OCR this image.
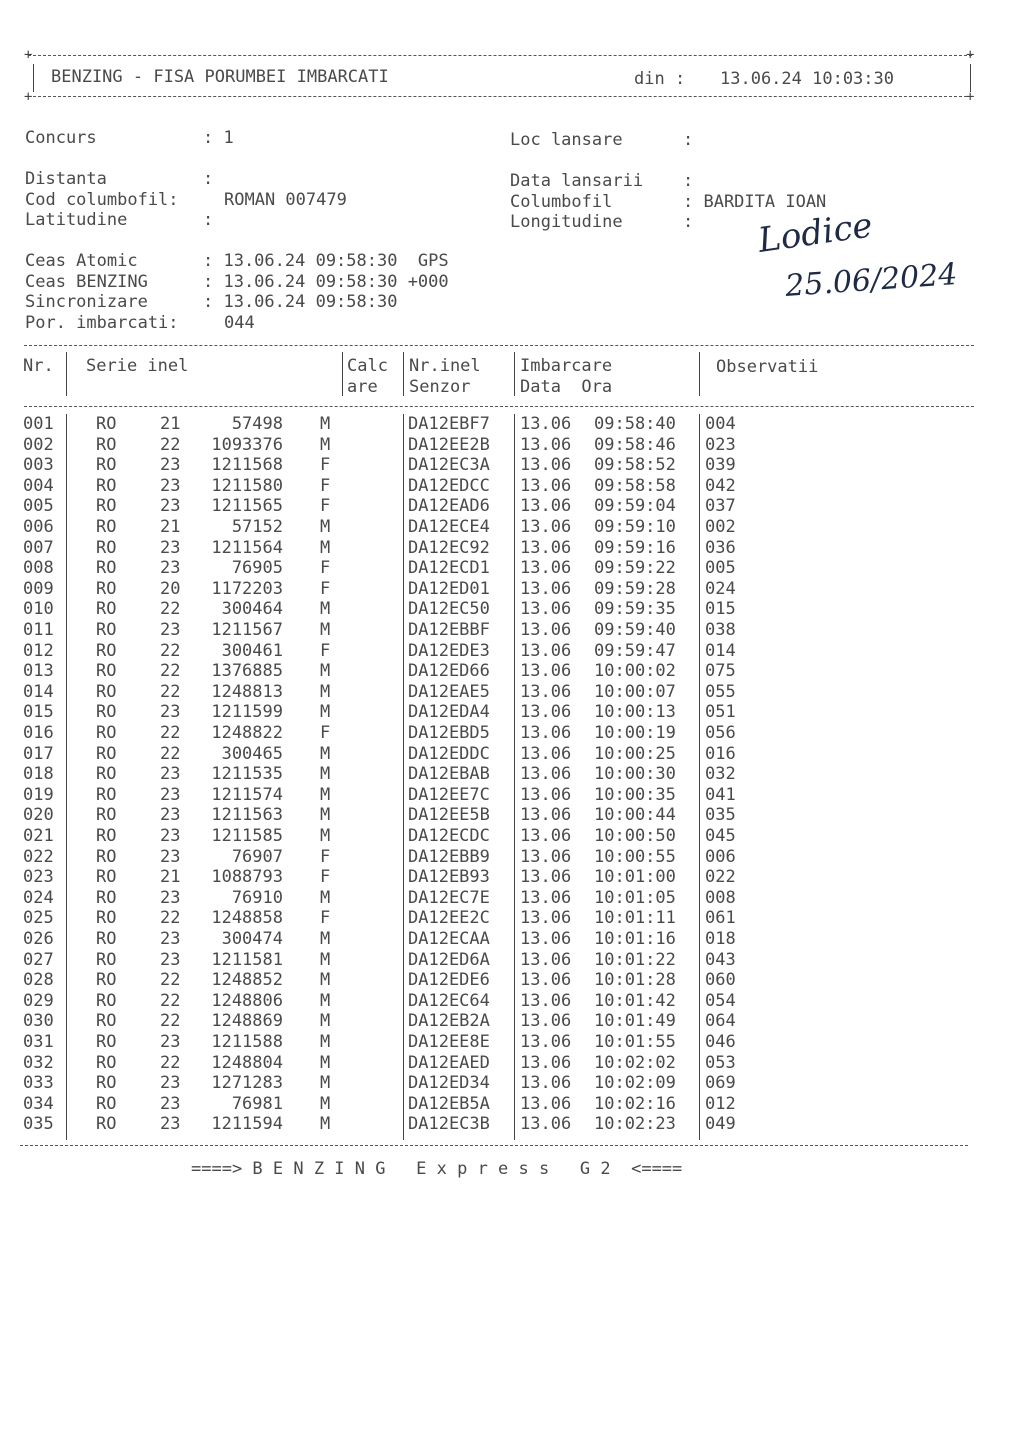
+	+
BENZING - FISA PORUMBEI IMBARCATI	din : 13.06.24 10:03:30
+	+
Concurs	: 1
Distanta	:
Cod columbofil:	ROMAN 007479
Latitudine	:
Loc lansare	:
Data lansarii :
Columbofil	: BARDITA IOAN
Longitudine	:
Ceas Atomic	: 13.06.24 09:58:30  GPS
Ceas BENZING	: 13.06.24 09:58:30 +000
Sincronizare	: 13.06.24 09:58:30
Por. imbarcati:	044
Lodice
25.06/2024
Nr. Serie inel	Calc
are
Nr.inel
Senzor
Imbarcare
Data  Ora
Observatii
001 RO	21	57498 M	DA12EBF7 13.06 09:58:40 004
002 RO	22 1093376 M	DA12EE2B 13.06 09:58:46 023
003 RO	23 1211568 F	DA12EC3A 13.06 09:58:52 039
004 RO	23 1211580 F	DA12EDCC 13.06 09:58:58 042
005 RO	23 1211565 F	DA12EAD6 13.06 09:59:04 037
006 RO	21	57152 M	DA12ECE4 13.06 09:59:10 002
007 RO	23 1211564 M	DA12EC92 13.06 09:59:16 036
008 RO	23	76905 F	DA12ECD1 13.06 09:59:22 005
009 RO	20 1172203 F	DA12ED01 13.06 09:59:28 024
010 RO	22 300464 M	DA12EC50 13.06 09:59:35 015
011 RO	23 1211567 M	DA12EBBF 13.06 09:59:40 038
012 RO	22 300461 F	DA12EDE3 13.06 09:59:47 014
013 RO	22 1376885 M	DA12ED66 13.06 10:00:02 075
014 RO	22 1248813 M	DA12EAE5 13.06 10:00:07 055
015 RO	23 1211599 M	DA12EDA4 13.06 10:00:13 051
016 RO	22 1248822 F	DA12EBD5 13.06 10:00:19 056
017 RO	22 300465 M	DA12EDDC 13.06 10:00:25 016
018 RO	23 1211535 M	DA12EBAB 13.06 10:00:30 032
019 RO	23 1211574 M	DA12EE7C 13.06 10:00:35 041
020 RO	23 1211563 M	DA12EE5B 13.06 10:00:44 035
021 RO	23 1211585 M	DA12ECDC 13.06 10:00:50 045
022 RO	23	76907 F	DA12EBB9 13.06 10:00:55 006
023 RO	21 1088793 F	DA12EB93 13.06 10:01:00 022
024 RO	23	76910 M	DA12EC7E 13.06 10:01:05 008
025 RO	22 1248858 F	DA12EE2C 13.06 10:01:11 061
026 RO	23 300474 M	DA12ECAA 13.06 10:01:16 018
027 RO	23 1211581 M	DA12ED6A 13.06 10:01:22 043
028 RO	22 1248852 M	DA12EDE6 13.06 10:01:28 060
029 RO	22 1248806 M	DA12EC64 13.06 10:01:42 054
030 RO	22 1248869 M	DA12EB2A 13.06 10:01:49 064
031 RO	23 1211588 M	DA12EE8E 13.06 10:01:55 046
032 RO	22 1248804 M	DA12EAED 13.06 10:02:02 053
033 RO	23 1271283 M	DA12ED34 13.06 10:02:09 069
034 RO	23	76981 M	DA12EB5A 13.06 10:02:16 012
035 RO	23 1211594 M	DA12EC3B 13.06 10:02:23 049
====> B E N Z I N G   E x p r e s s   G 2  <====
